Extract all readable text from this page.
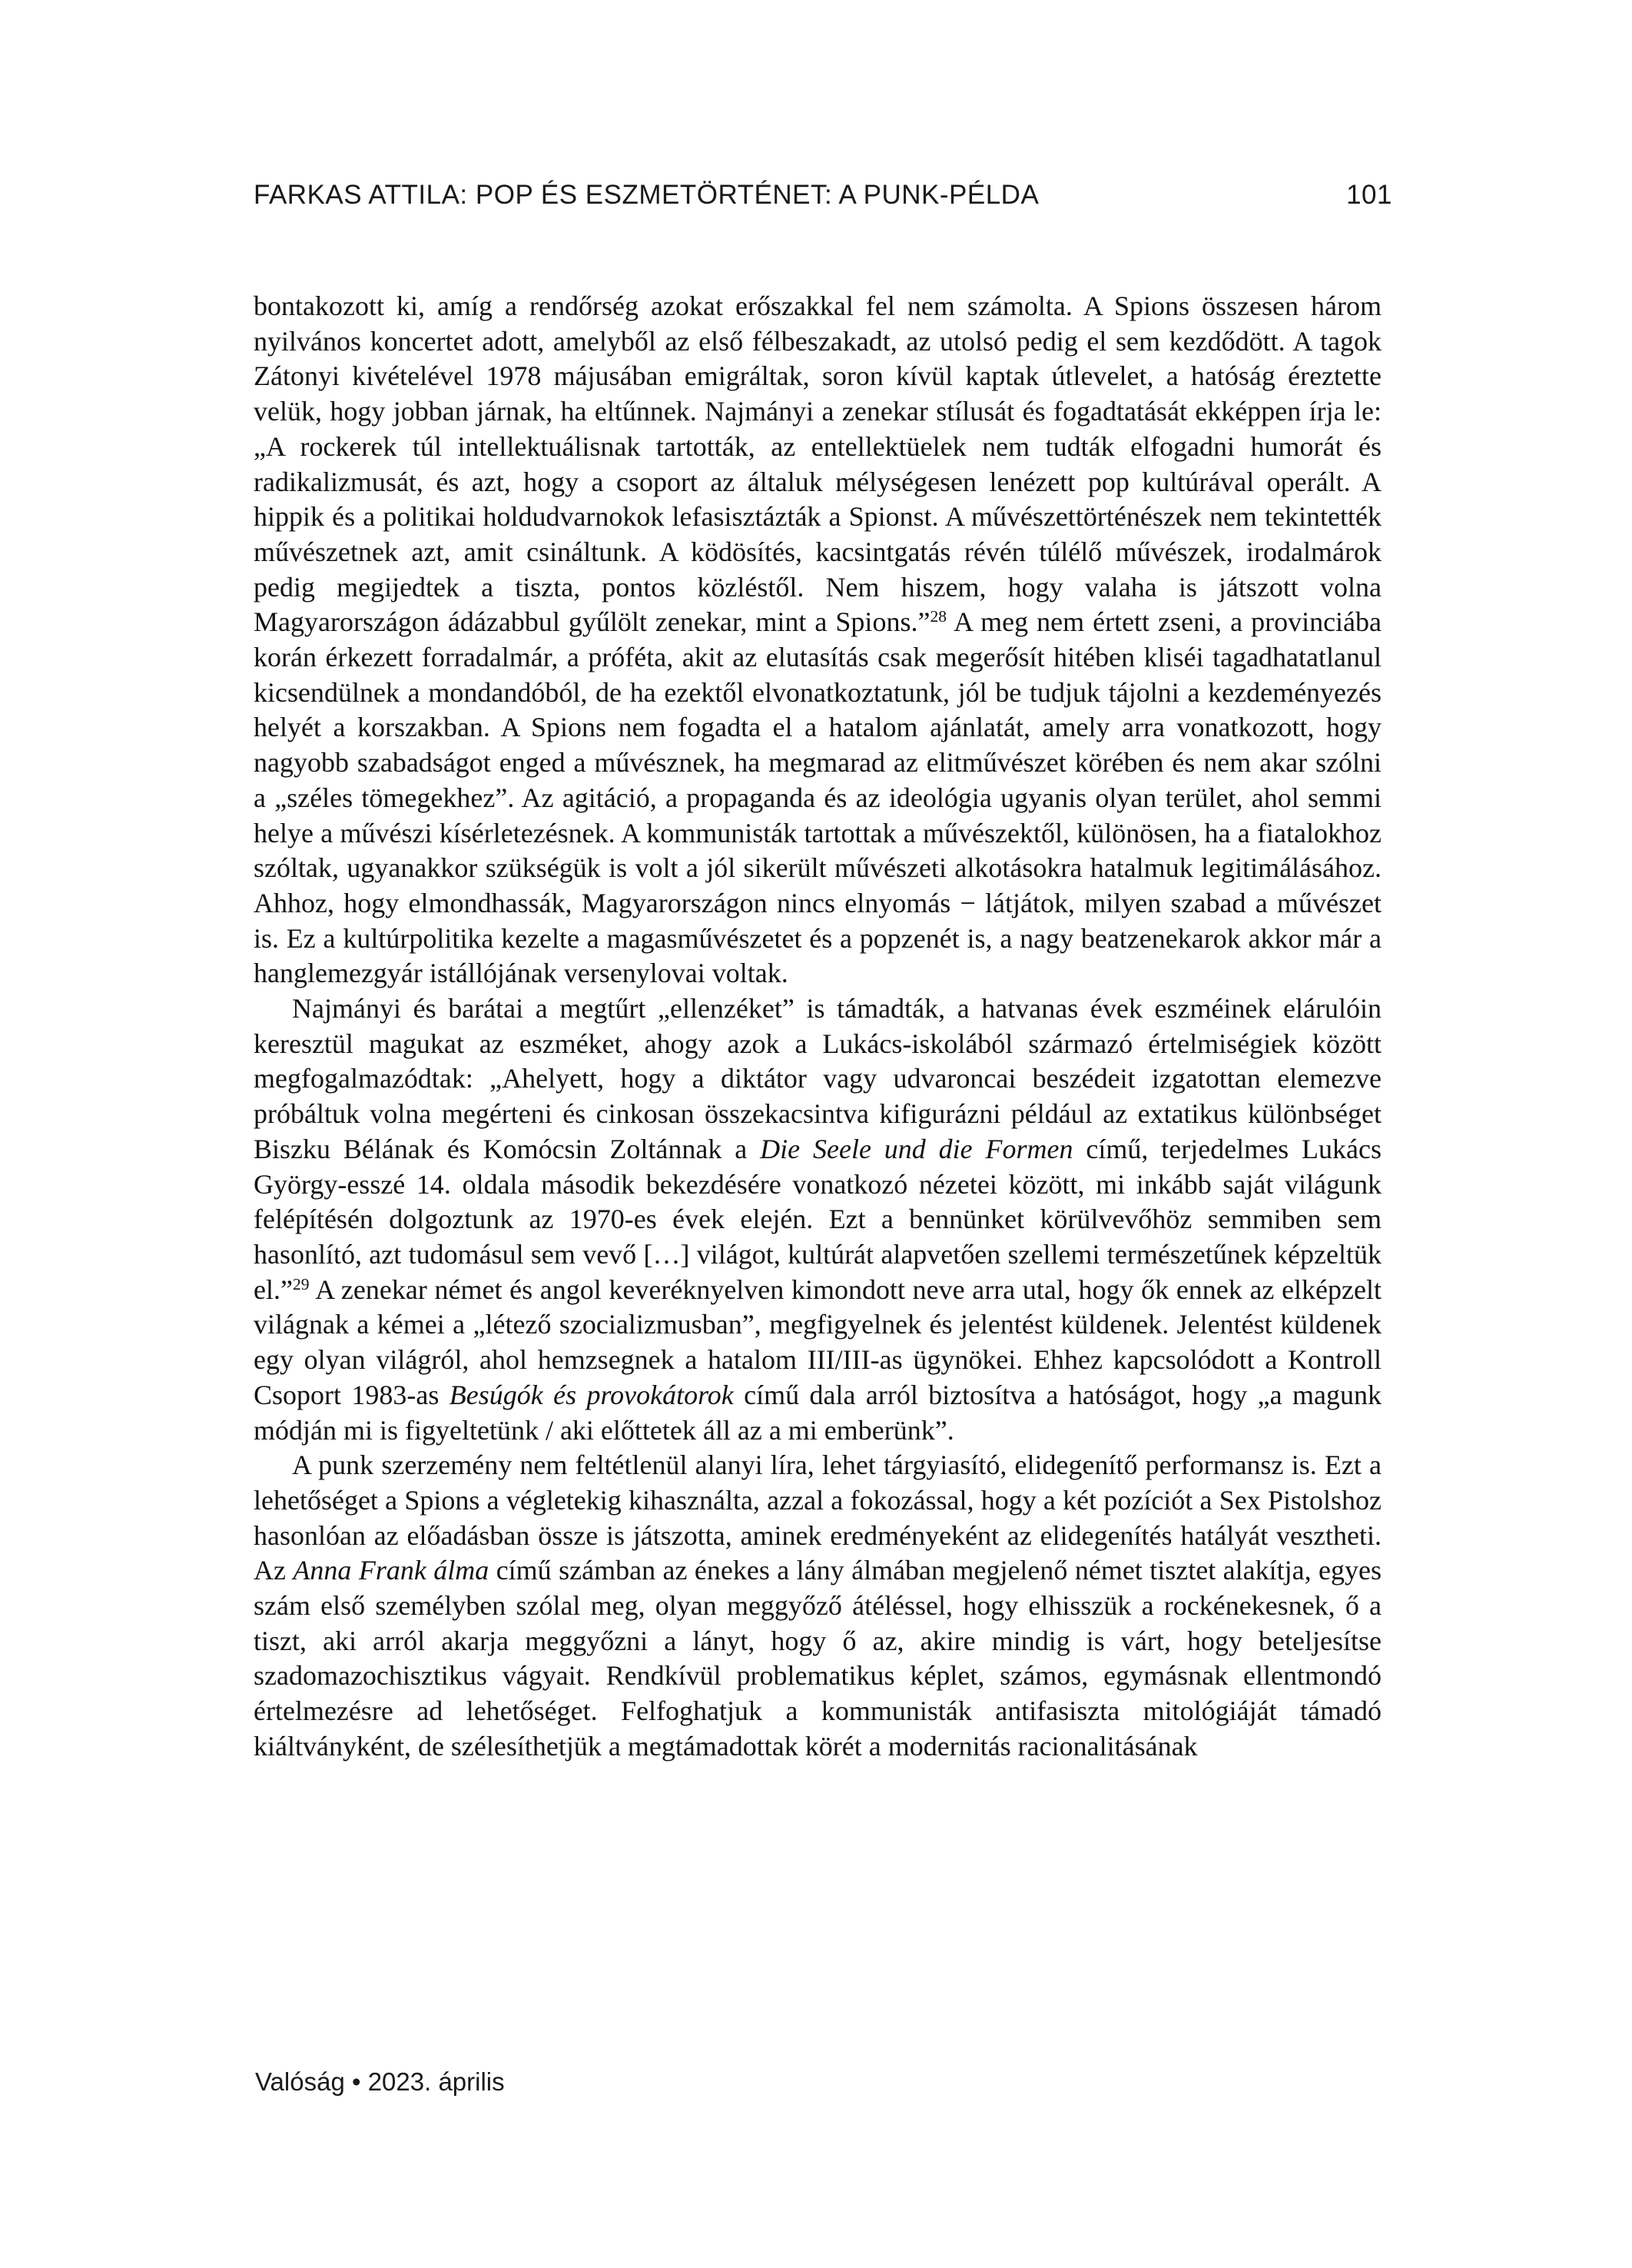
FARKAS ATTILA: POP ÉS ESZMETÖRTÉNET: A PUNK-PÉLDA	101

bontakozott ki, amíg a rendőrség azokat erőszakkal fel nem számolta. A Spions összesen három nyilvános koncertet adott, amelyből az első félbeszakadt, az utolsó pedig el sem kezdődött. A tagok Zátonyi kivételével 1978 májusában emigráltak, soron kívül kaptak útlevelet, a hatóság éreztette velük, hogy jobban járnak, ha eltűnnek. Najmányi a zenekar stílusát és fogadtatását ekképpen írja le: „A rockerek túl intellektuálisnak tartották, az entellektüelek nem tudták elfogadni humorát és radikalizmusát, és azt, hogy a csoport az általuk mélységesen lenézett pop kultúrával operált. A hippik és a politikai holdudvarnokok lefasisztázták a Spionst. A művészettörténészek nem tekintették művészetnek azt, amit csináltunk. A ködösítés, kacsintgatás révén túlélő művészek, irodalmárok pedig megijedtek a tiszta, pontos közléstől. Nem hiszem, hogy valaha is játszott volna Magyarországon ádázabbul gyűlölt zenekar, mint a Spions.”$^{28}$ A meg nem értett zseni, a provinciába korán érkezett forradalmár, a próféta, akit az elutasítás csak megerősít hitében kliséi tagadhatatlanul kicsendülnek a mondandóból, de ha ezektől elvonatkoztatunk, jól be tudjuk tájolni a kezdeményezés helyét a korszakban. A Spions nem fogadta el a hatalom ajánlatát, amely arra vonatkozott, hogy nagyobb szabadságot enged a művésznek, ha megmarad az elitművészet körében és nem akar szólni a „széles tömegekhez”. Az agitáció, a propaganda és az ideológia ugyanis olyan terület, ahol semmi helye a művészi kísérletezésnek. A kommunisták tartottak a művészektől, különösen, ha a fiatalokhoz szóltak, ugyanakkor szükségük is volt a jól sikerült művészeti alkotásokra hatalmuk legitimálásához. Ahhoz, hogy elmondhassák, Magyarországon nincs elnyomás − látjátok, milyen szabad a művészet is. Ez a kultúrpolitika kezelte a magasművészetet és a popzenét is, a nagy beatzenekarok akkor már a hanglemezgyár istállójának versenylovai voltak.

Najmányi és barátai a megtűrt „ellenzéket” is támadták, a hatvanas évek eszméinek elárulóin keresztül magukat az eszméket, ahogy azok a Lukács-iskolából származó értelmiségiek között megfogalmazódtak: „Ahelyett, hogy a diktátor vagy udvaroncai beszédeit izgatottan elemezve próbáltuk volna megérteni és cinkosan összekacsintva kifigurázni például az extatikus különbséget Biszku Bélának és Komócsin Zoltánnak a Die Seele und die Formen című, terjedelmes Lukács György-esszé 14. oldala második bekezdésére vonatkozó nézetei között, mi inkább saját világunk felépítésén dolgoztunk az 1970-es évek elején. Ezt a bennünket körülvevőhöz semmiben sem hasonlító, azt tudomásul sem vevő […] világot, kultúrát alapvetően szellemi természetűnek képzeltük el.”$^{29}$ A zenekar német és angol keveréknyelven kimondott neve arra utal, hogy ők ennek az elképzelt világnak a kémei a „létező szocializmusban”, megfigyelnek és jelentést küldenek. Jelentést küldenek egy olyan világról, ahol hemzsegnek a hatalom III/III-as ügynökei. Ehhez kapcsolódott a Kontroll Csoport 1983-as Besúgók és provokátorok című dala arról biztosítva a hatóságot, hogy „a magunk módján mi is figyeltetünk / aki előttetek áll az a mi emberünk”.

A punk szerzemény nem feltétlenül alanyi líra, lehet tárgyiasító, elidegenítő performansz is. Ezt a lehetőséget a Spions a végletekig kihasználta, azzal a fokozással, hogy a két pozíciót a Sex Pistolshoz hasonlóan az előadásban össze is játszotta, aminek eredményeként az elidegenítés hatályát vesztheti. Az Anna Frank álma című számban az énekes a lány álmában megjelenő német tisztet alakítja, egyes szám első személyben szólal meg, olyan meggyőző átéléssel, hogy elhisszük a rockénekesnek, ő a tiszt, aki arról akarja meggyőzni a lányt, hogy ő az, akire mindig is várt, hogy beteljesítse szadomazochisztikus vágyait. Rendkívül problematikus képlet, számos, egymásnak ellentmondó értelmezésre ad lehetőséget. Felfoghatjuk a kommunisták antifasiszta mitológiáját támadó kiáltványként, de szélesíthetjük a megtámadottak körét a modernitás racionalitásának

Valóság • 2023. április
